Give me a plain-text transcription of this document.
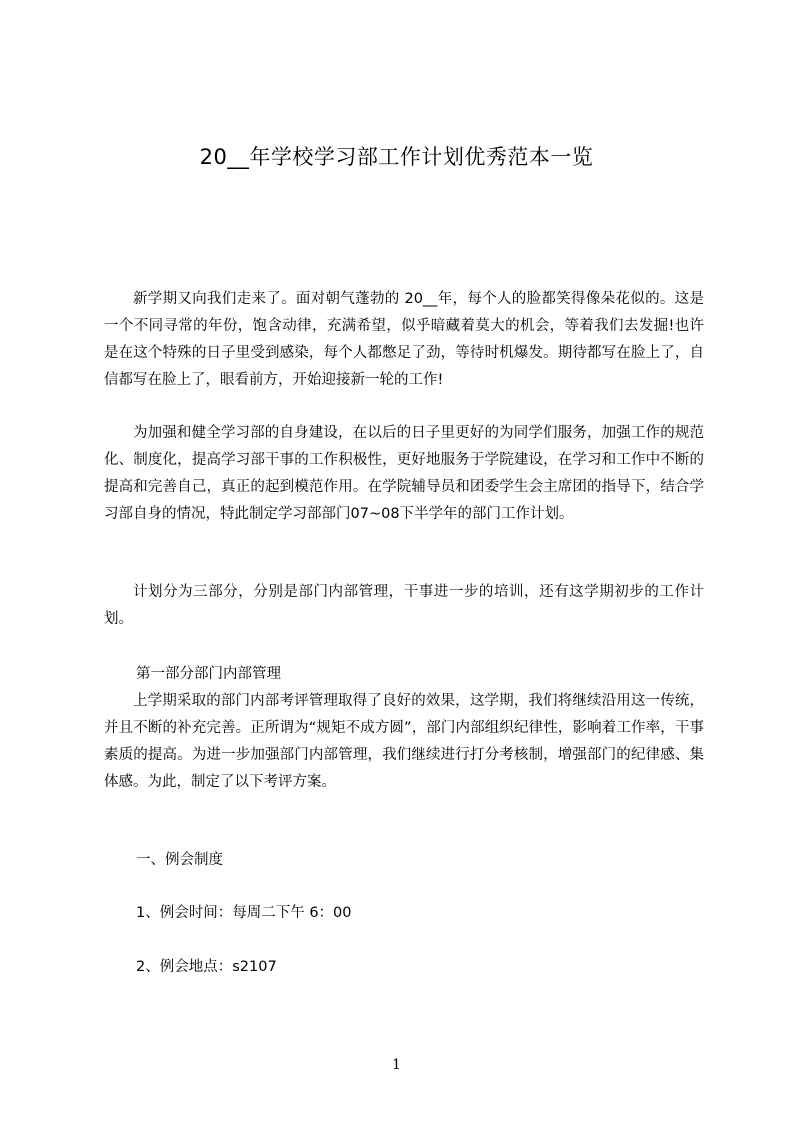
20__年学校学习部工作计划优秀范本一览

新学期又向我们走来了。面对朝气蓬勃的 20__年，每个人的脸都笑得像朵花似的。这是一个不同寻常的年份，饱含动律，充满希望，似乎暗藏着莫大的机会，等着我们去发掘!也许是在这个特殊的日子里受到感染，每个人都憋足了劲，等待时机爆发。期待都写在脸上了，自信都写在脸上了，眼看前方，开始迎接新一轮的工作!

为加强和健全学习部的自身建设，在以后的日子里更好的为同学们服务，加强工作的规范化、制度化，提高学习部干事的工作积极性，更好地服务于学院建设，在学习和工作中不断的提高和完善自己，真正的起到模范作用。在学院辅导员和团委学生会主席团的指导下，结合学习部自身的情况，特此制定学习部部门07~08下半学年的部门工作计划。

计划分为三部分，分别是部门内部管理，干事进一步的培训，还有这学期初步的工作计划。

第一部分部门内部管理

上学期采取的部门内部考评管理取得了良好的效果，这学期，我们将继续沿用这一传统，并且不断的补充完善。正所谓为“规矩不成方圆”，部门内部组织纪律性，影响着工作率，干事素质的提高。为进一步加强部门内部管理，我们继续进行打分考核制，增强部门的纪律感、集体感。为此，制定了以下考评方案。

一、例会制度
1、例会时间：每周二下午 6：00
2、例会地点：s2107
1
